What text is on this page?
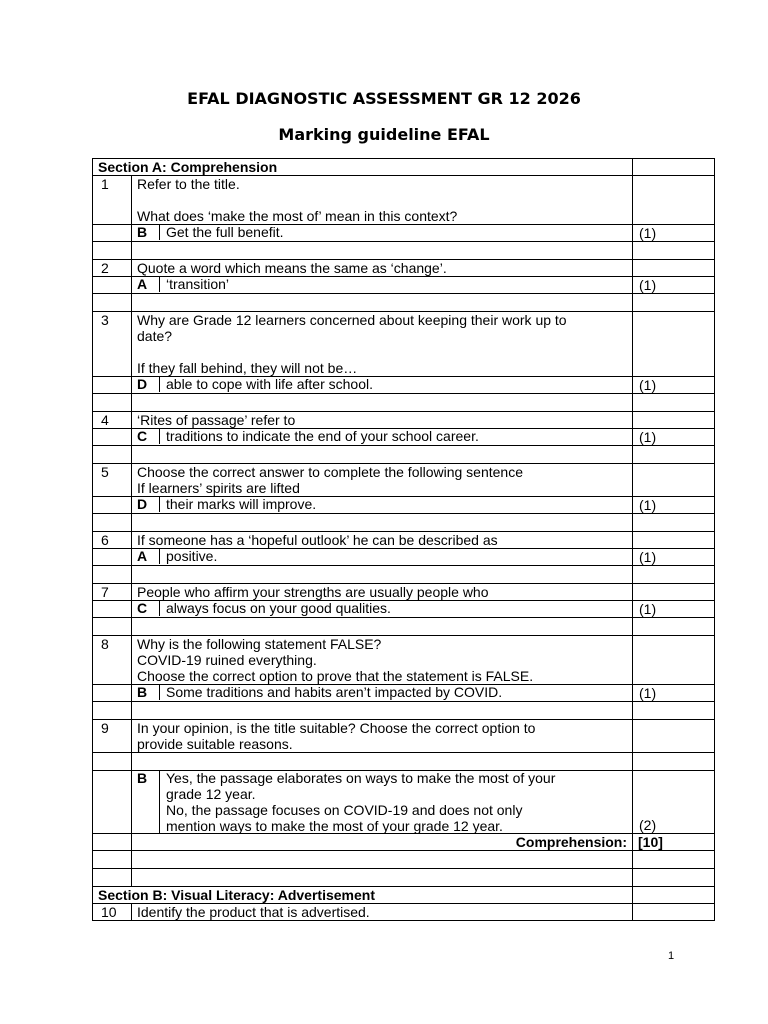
EFAL DIAGNOSTIC ASSESSMENT GR 12 2026
Marking guideline EFAL
Section A: Comprehension		
1	Refer to the title.

What does ‘make the most of’ mean in this context?	

	B Get the full benefit.	(1)

2	Quote a word which means the same as ‘change’.	

	A ‘transition’	(1)

3	Why are Grade 12 learners concerned about keeping their work up to
date?

If they fall behind, they will not be…	

	D able to cope with life after school.	(1)

4	‘Rites of passage’ refer to	

	C traditions to indicate the end of your school career.	(1)

5	Choose the correct answer to complete the following sentence
If learners’ spirits are lifted	

	D their marks will improve.	(1)

6	If someone has a ‘hopeful outlook’ he can be described as	

	A positive.	(1)

7	People who affirm your strengths are usually people who	

	C always focus on your good qualities.	(1)

8	Why is the following statement FALSE?
COVID-19 ruined everything.
Choose the correct option to prove that the statement is FALSE.	

	B Some traditions and habits aren’t impacted by COVID.	(1)

9	In your opinion, is the title suitable? Choose the correct option to
provide suitable reasons.	

	B Yes, the passage elaborates on ways to make the most of your
grade 12 year.
No, the passage focuses on COVID-19 and does not only
mention ways to make the most of your grade 12 year.	(2)
	Comprehension:	[10]

Section B: Visual Literacy: Advertisement		
10	Identify the product that is advertised.	
1
